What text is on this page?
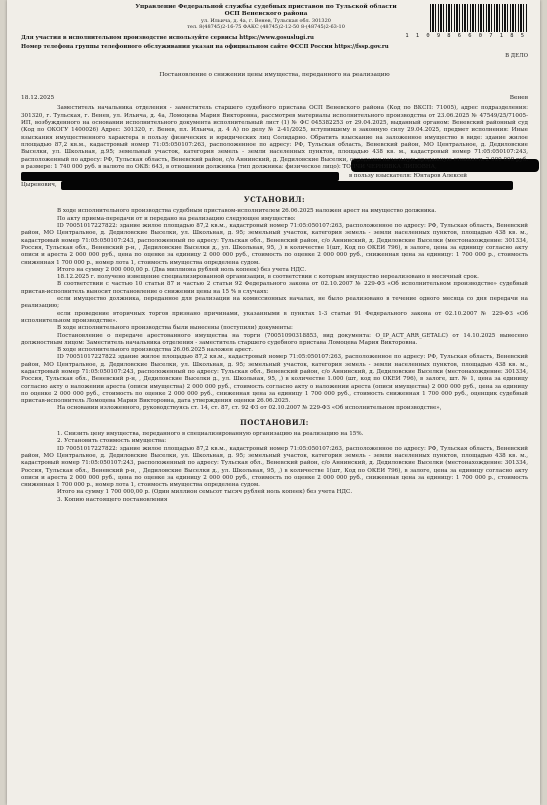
Управление Федеральной службы судебных приставов по Тульской области
ОСП Веневского района
ул. Ильича, д. 4а, г. Венев, Тульская обл. 301320
тел. 8(48745)2-16-75 ФАКС (48745)2-12-50 8-(48745)2-63-10
1 1 0 9 8 6 6 0 7 1 8 5
Для участия в исполнительном производстве используйте сервисы https://www.gosuslugi.ru
Номер телефона группы телефонного обслуживания указан на официальном сайте ФССП России https://fssp.gov.ru
В ДЕЛО
Постановление о снижении цены имущества, переданного на реализацию
18.12.2025	Венев

Заместитель начальника отделения - заместитель старшего судебного пристава ОСП Веневского района (Код по ВКСП: 71005), адрес подразделения: 301320, г. Тульская, г. Венев, ул. Ильича, д. 4а, Ломоцева Мария Викторовна, рассмотрев материалы исполнительного производства от 23.06.2025 № 47549/25/71005-ИП, возбужденного на основании исполнительного документа исполнительный лист (1) № ФС 045382253 от 29.04.2025, выданный органом: Веневский районный суд (Код по ОКОГУ 1400026) Адрес: 301320, г. Венев, пл. Ильича, д. 4 А) по делу № 2-41/2025, вступившему в законную силу 29.04.2025, предмет исполнения: Иные взыскания имущественного характера в пользу физических и юридических лиц Солидарно. Обратить взыскание на заложенное имущество в виде: здание жилое площадью 87,2 кв.м., кадастровый номер 71:05:050107:263, расположенное по адресу: РФ, Тульская область, Веневский район, МО Центральное, д. Дедиловские Выселки, ул. Школьная, д.95; земельный участок, категория земель - земли населенных пунктов, площадью 438 кв. м., кадастровый номер 71:05:050107:243, расположенный по адресу: РФ, Тульская область, Веневский район, с/о Аннинский, д. Дедиловские Выселки, определив начальную продажную стоимость 2 000 000 руб. в размере: 1 740 000 руб. в валюте по ОКВ: 643, в отношении должника (тип должника: физическое лицо): ТОПЧИ ЧЕРНЯВКА ЛИПОВНА,

в пользу взыскателя: Юнтаров Алексей
Цыренович,
УСТАНОВИЛ:

В ходе исполнительного производства судебным приставом-исполнителем 26.06.2025 наложен арест на имущество должника.

По акту приема-передачи от и передано на реализацию следующее имущество:

ID 70051017227822: здание жилое площадью 87,2 кв.м., кадастровый номер 71:05:050107:263, расположенное по адресу: РФ, Тульская область, Веневский район, МО Центральное, д. Дедиловские Выселки, ул. Школьная, д. 95; земельный участок, категория земель - земли населенных пунктов, площадью 438 кв. м., кадастровый номер 71:05:050107:243, расположенный по адресу: Тульская обл., Веневский район, с/о Аннинский, д. Дедиловские Выселки (местонахождение: 301334, Россия, Тульская обл., Веневский р-н, , Дедиловские Выселки д., ул. Школьная, 95, ,) в количестве 1(шт, Код по ОКЕИ 796), в залоге, цена за единицу согласно акту описи и ареста 2 000 000 руб., цена по оценке за единицу 2 000 000 руб., стоимость по оценке 2 000 000 руб., сниженная цена за единицу: 1 700 000 р., стоимость сниженная 1 700 000 р., номер лота 1, стоимость имущества определена судом.

Итого на сумму 2 000 000,00 р. (Два миллиона рублей ноль копеек) без учета НДС.

18.12.2025 г. получено извещение специализированной организации, в соответствии с которым имущество нереализовано в месячный срок.

В соответствии с частью 10 статьи 87 и частью 2 статьи 92 Федерального закона от 02.10.2007 № 229-ФЗ «Об исполнительном производстве» судебный пристав-исполнитель выносит постановление о снижении цены на 15 % в случаях:

если имущество должника, переданное для реализации на комиссионных началах, не было реализовано в течение одного месяца со дня передачи на реализацию;

если проведение вторичных торгов признано причинами, указанными в пунктах 1-3 статьи 91 Федерального закона от 02.10.2007 № 229-ФЗ «Об исполнительном производстве».

В ходе исполнительного производства были вынесены (поступили) документы:

Постановление о передаче арестованного имущества на торги (70051090318853, вид документа: O_IP_ACT_ARR_GETALC) от 14.10.2025 вынесено должностным лицом: Заместитель начальника отделения - заместитель старшего судебного пристава Ломоцева Мария Викторовна.

В ходе исполнительного производства 26.06.2025 наложен арест.

ID 70051017227822 здание жилое площадью 87,2 кв.м., кадастровый номер 71:05:050107:263, расположенное по адресу: РФ, Тульская область, Веневский район, МО Центральное, д. Дедиловские Выселки, ул. Школьная, д. 95; земельный участок, категория земель - земли населенных пунктов, площадью 438 кв. м., кадастровый номер 71:05:050107:243, расположенный по адресу: Тульская обл., Веневский район, с/о Аннинский, д. Дедиловские Выселки (местонахождение: 301334, Россия, Тульская обл., Веневский р-н, , Дедиловские Выселки д., ул. Школьная, 95, ,) в количестве 1.000 (шт, код по ОКЕИ 796), в залоге, шт. № 1, цена за единицу согласно акту о наложении ареста (описи имущества) 2 000 000 руб., стоимость согласно акту о наложении ареста (описи имущества) 2 000 000 руб., цена за единицу по оценке 2 000 000 руб., стоимость по оценке 2 000 000 руб., сниженная цена за единицу 1 700 000 руб., стоимость сниженная 1 700 000 руб., оценщик судебный пристав-исполнитель Ломоцева Мария Викторовна, дата утверждения оценки 26.06.2025.

На основании изложенного, руководствуясь ст. 14, ст. 87, ст. 92 ФЗ от 02.10.2007 № 229-ФЗ «Об исполнительном производстве»,

ПОСТАНОВИЛ:

1. Снизить цену имущества, переданного в специализированную организацию на реализацию на 15%.

2. Установить стоимость имущества:

ID 70051017227822: здание жилое площадью 87,2 кв.м., кадастровый номер 71:05:050107:263, расположенное по адресу: РФ, Тульская область, Веневский район, МО Центральное, д. Дедиловские Выселки, ул. Школьная, д. 95; земельный участок, категория земель - земли населенных пунктов, площадью 438 кв. м., кадастровый номер 71:05:050107:243, расположенный по адресу: Тульская обл., Веневский район, с/о Аннинский, д. Дедиловские Выселки (местонахождение: 301334, Россия, Тульская обл., Веневский р-н, , Дедиловские Выселки д., ул. Школьная, 95, ,) в количестве 1(шт, Код по ОКЕИ 796), в залоге, цена за единицу согласно акту описи и ареста 2 000 000 руб., цена по оценке за единицу 2 000 000 руб., стоимость по оценке 2 000 000 руб., сниженная цена за единицу: 1 700 000 р., стоимость сниженная 1 700 000 р., номер лота 1, стоимость имущества определена судом.

Итого на сумму 1 700 000,00 р. (Один миллион семьсот тысяч рублей ноль копеек) без учета НДС.

3. Копию настоящего постановления
